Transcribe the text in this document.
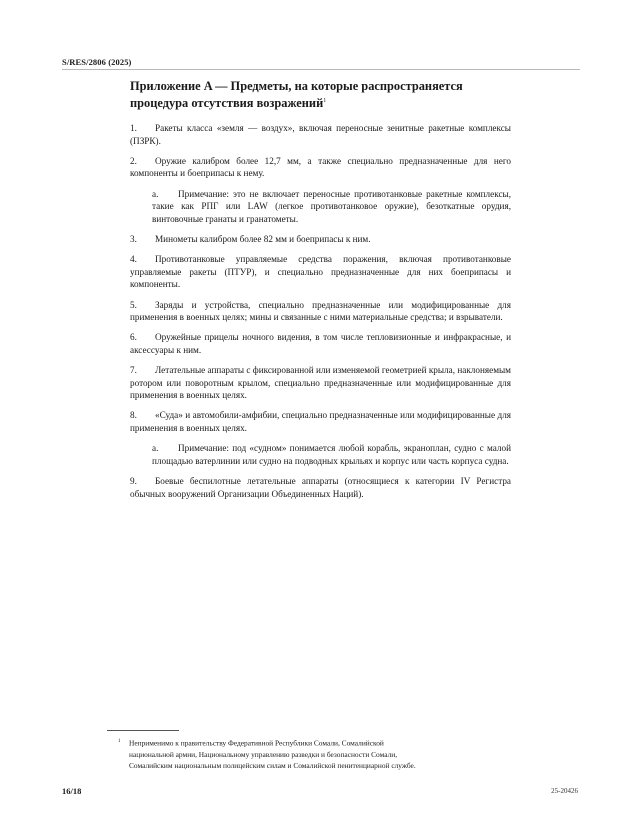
S/RES/2806 (2025)
Приложение A — Предметы, на которые распространяется процедура отсутствия возражений$^1$

1. Ракеты класса «земля — воздух», включая переносные зенитные ракетные комплексы (ПЗРК).

2. Оружие калибром более 12,7 мм, а также специально предназначенные для него компоненты и боеприпасы к нему.

a. Примечание: это не включает переносные противотанковые ракетные комплексы, такие как РПГ или LAW (легкое противотанковое оружие), безоткатные орудия, винтовочные гранаты и гранатометы.

3. Минометы калибром более 82 мм и боеприпасы к ним.

4. Противотанковые управляемые средства поражения, включая противотанковые управляемые ракеты (ПТУР), и специально предназначенные для них боеприпасы и компоненты.

5. Заряды и устройства, специально предназначенные или модифицированные для применения в военных целях; мины и связанные с ними материальные средства; и взрыватели.

6. Оружейные прицелы ночного видения, в том числе тепловизионные и инфракрасные, и аксессуары к ним.

7. Летательные аппараты с фиксированной или изменяемой геометрией крыла, наклоняемым ротором или поворотным крылом, специально предназначенные или модифицированные для применения в военных целях.

8. «Суда» и автомобили-амфибии, специально предназначенные или модифицированные для применения в военных целях.

a. Примечание: под «судном» понимается любой корабль, экраноплан, судно с малой площадью ватерлинии или судно на подводных крыльях и корпус или часть корпуса судна.

9. Боевые беспилотные летательные аппараты (относящиеся к категории IV Регистра обычных вооружений Организации Объединенных Наций).

$^1$ Неприменимо к правительству Федеративной Республики Сомали, Сомалийской
национальной армии, Национальному управлению разведки и безопасности Сомали,
Сомалийским национальным полицейским силам и Сомалийской пенитенциарной службе.
16/18	25-20426
